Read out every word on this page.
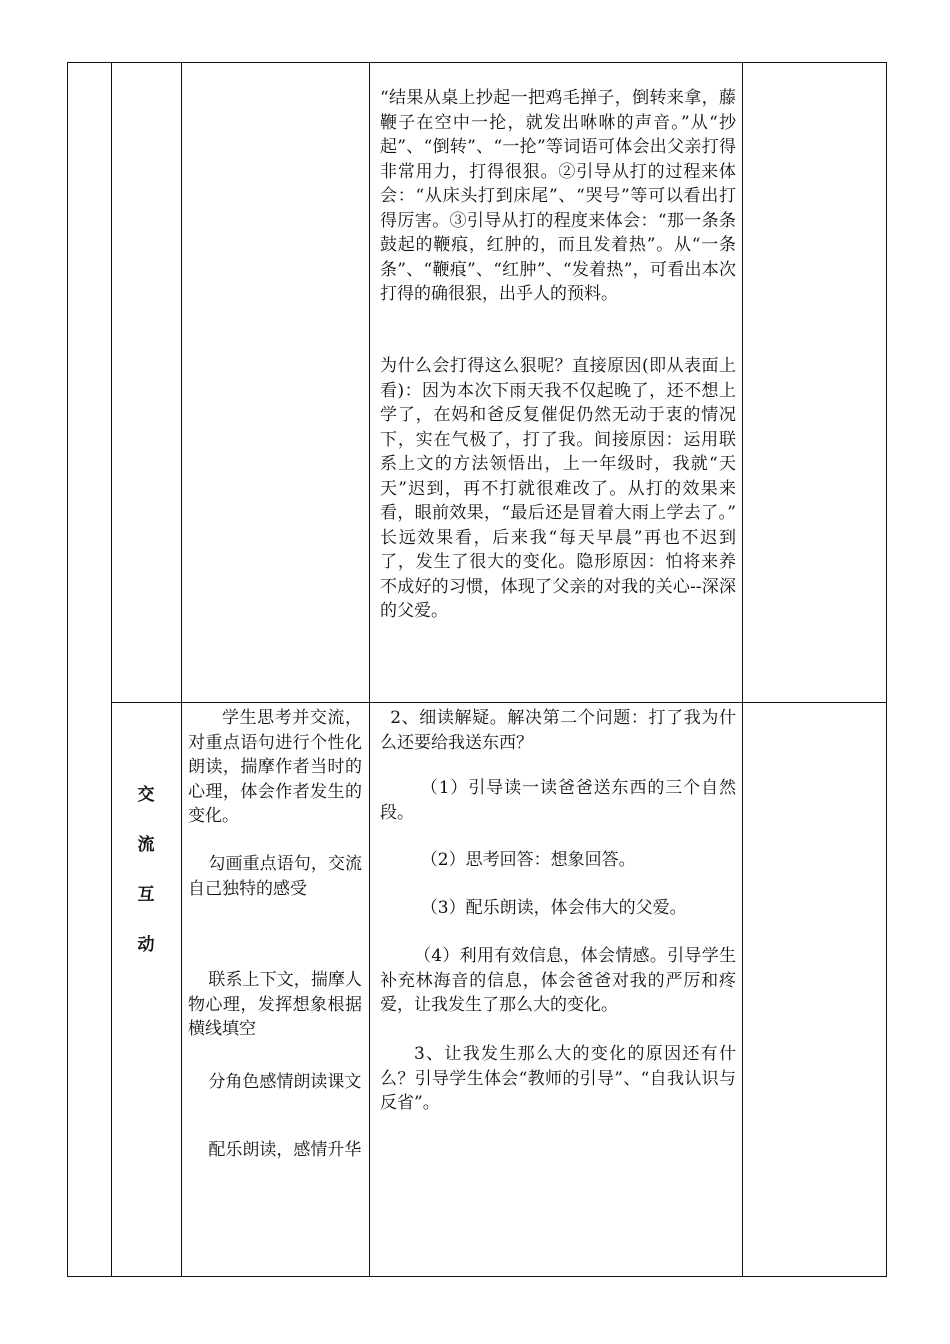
“结果从桌上抄起一把鸡毛掸子，倒转来拿，藤鞭子在空中一抡，就发出咻咻的声音。”从“抄起”、“倒转”、“一抡”等词语可体会出父亲打得非常用力，打得很狠。②引导从打的过程来体会：“从床头打到床尾”、“哭号”等可以看出打得厉害。③引导从打的程度来体会：“那一条条鼓起的鞭痕，红肿的，而且发着热”。从“一条条”、“鞭痕”、“红肿”、“发着热”，可看出本次打得的确很狠，出乎人的预料。

为什么会打得这么狠呢？直接原因(即从表面上看)：因为本次下雨天我不仅起晚了，还不想上学了，在妈和爸反复催促仍然无动于衷的情况下，实在气极了，打了我。间接原因：运用联系上文的方法领悟出，上一年级时，我就“天天”迟到，再不打就很难改了。从打的效果来看，眼前效果，“最后还是冒着大雨上学去了。” 长远效果看，后来我“每天早晨”再也不迟到了，发生了很大的变化。隐形原因：怕将来养不成好的习惯，体现了父亲的对我的关心--深深的父爱。

交
流
互
动

学生思考并交流，对重点语句进行个性化朗读，揣摩作者当时的心理，体会作者发生的变化。

勾画重点语句，交流自己独特的感受

联系上下文，揣摩人物心理，发挥想象根据横线填空

分角色感情朗读课文

配乐朗读，感情升华

2、细读解疑。解决第二个问题：打了我为什么还要给我送东西？

（1）引导读一读爸爸送东西的三个自然段。

（2）思考回答：想象回答。

（3）配乐朗读，体会伟大的父爱。

（4）利用有效信息，体会情感。引导学生补充林海音的信息，体会爸爸对我的严厉和疼爱，让我发生了那么大的变化。

3、让我发生那么大的变化的原因还有什么？引导学生体会“教师的引导”、“自我认识与反省”。
